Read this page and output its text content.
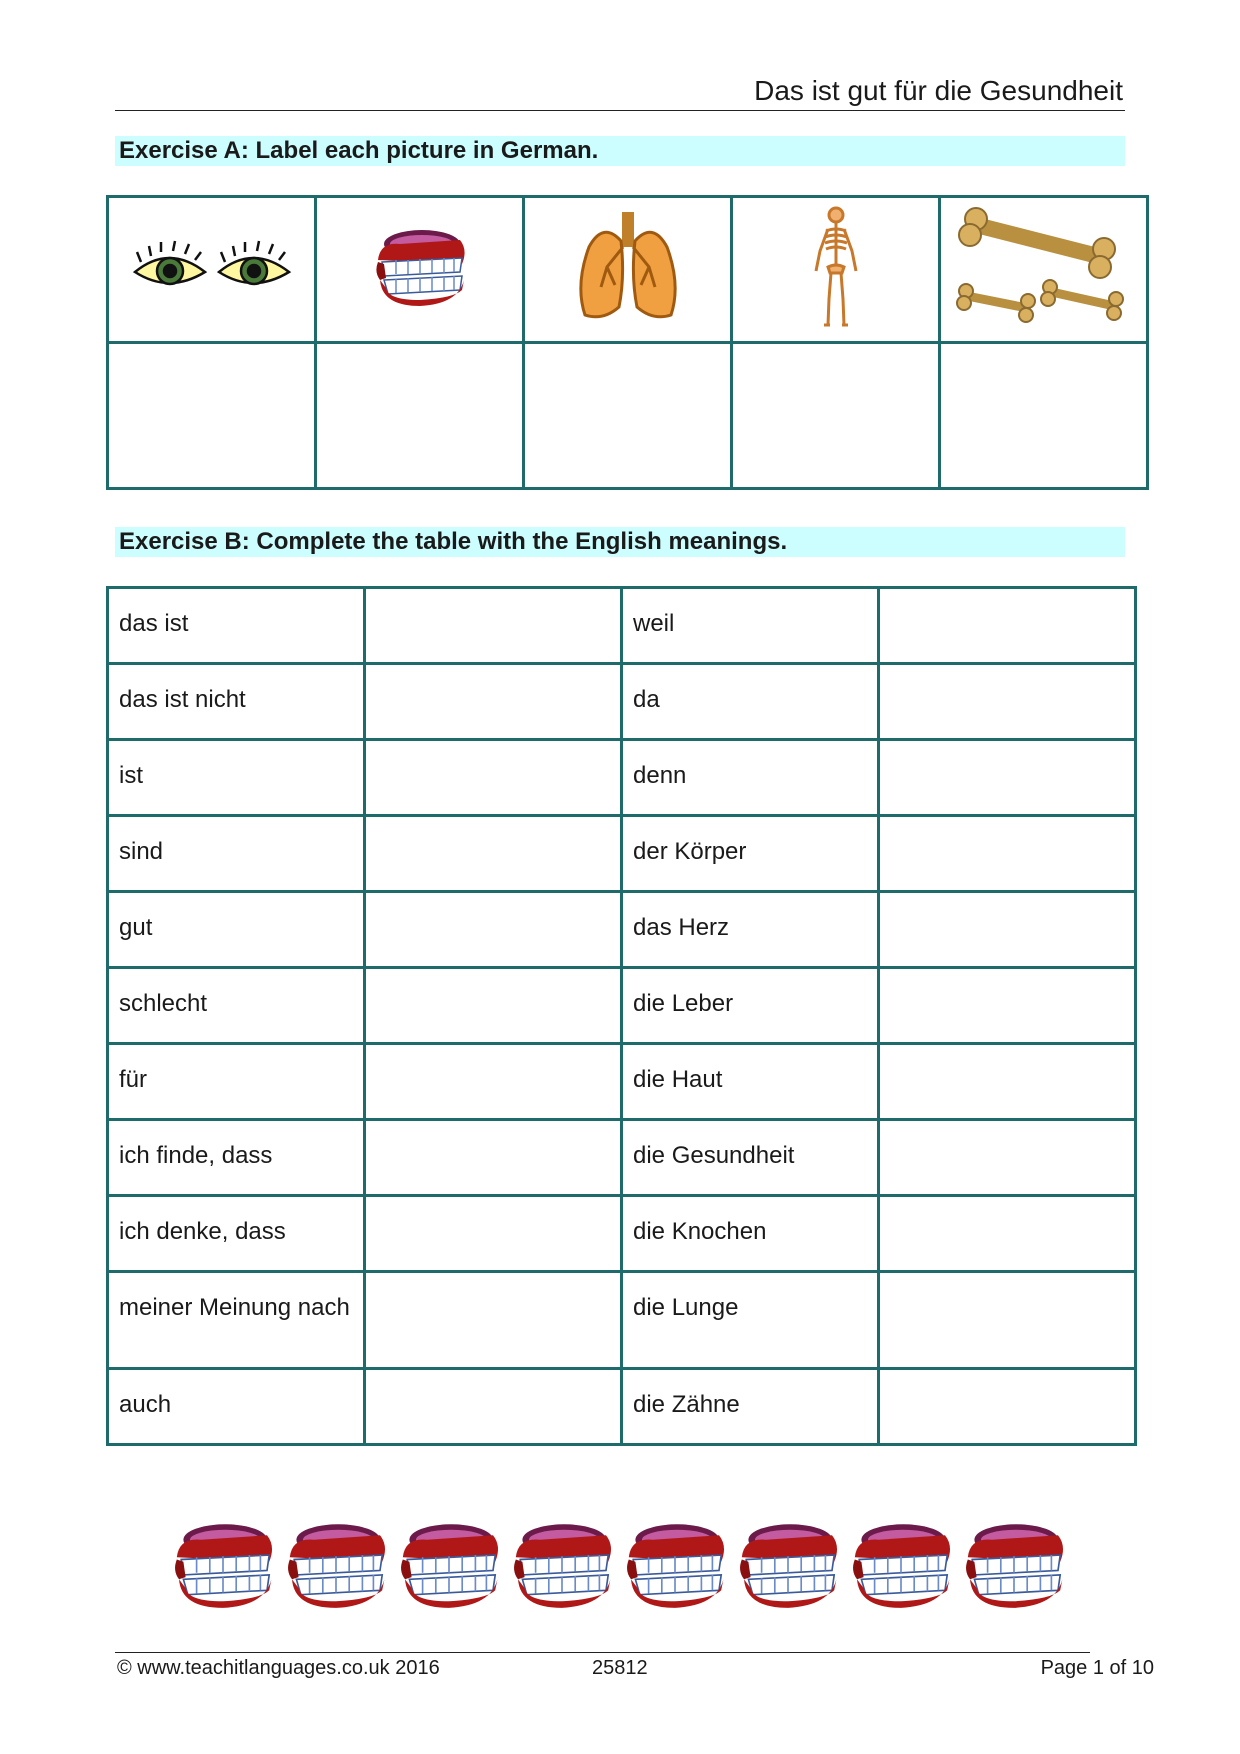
Das ist gut für die Gesundheit
Exercise A: Label each picture in German.

Exercise B: Complete the table with the English meanings.
das ist		weil	
das ist nicht		da	
ist		denn	
sind		der Körper	
gut		das Herz	
schlecht		die Leber	
für		die Haut	
ich finde, dass		die Gesundheit	
ich denke, dass		die Knochen	
meiner Meinung nach		die Lunge	
auch		die Zähne	
© www.teachitlanguages.co.uk 2016	25812	Page 1 of 10
